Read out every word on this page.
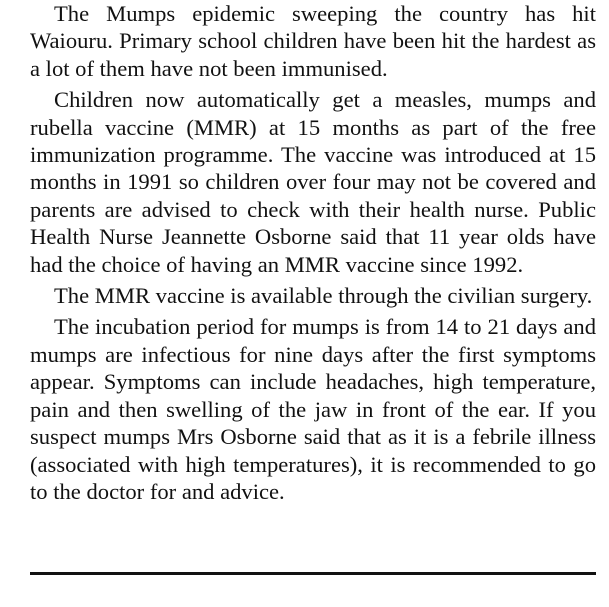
The Mumps epidemic sweeping the country has hit Waiouru. Primary school children have been hit the hardest as a lot of them have not been immunised.

Children now automatically get a measles, mumps and rubella vaccine (MMR) at 15 months as part of the free immunization programme. The vaccine was introduced at 15 months in 1991 so children over four may not be covered and parents are advised to check with their health nurse. Public Health Nurse Jeannette Osborne said that 11 year olds have had the choice of having an MMR vaccine since 1992.

The MMR vaccine is available through the civilian surgery.

The incubation period for mumps is from 14 to 21 days and mumps are infectious for nine days after the first symptoms appear. Symptoms can include headaches, high temperature, pain and then swelling of the jaw in front of the ear. If you suspect mumps Mrs Osborne said that as it is a febrile illness (associated with high temperatures), it is recommended to go to the doctor for and advice.
